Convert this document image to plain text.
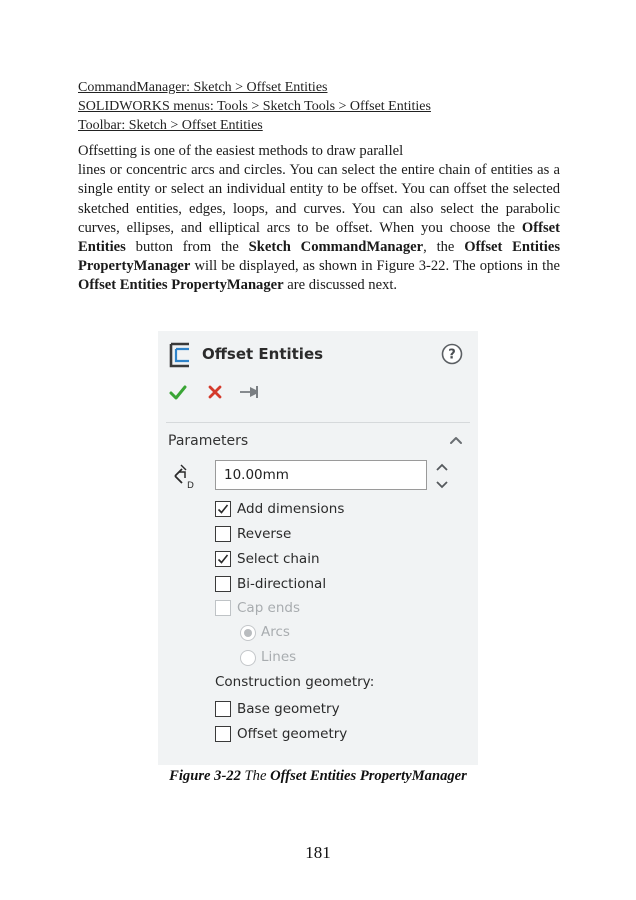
CommandManager: Sketch > Offset Entities
SOLIDWORKS menus: Tools > Sketch Tools > Offset Entities
Toolbar: Sketch > Offset Entities

Offsetting is one of the easiest methods to draw parallel

lines or concentric arcs and circles. You can select the entire chain of entities as a single entity or select an individual entity to be offset. You can offset the selected sketched entities, edges, loops, and curves. You can also select the parabolic curves, ellipses, and elliptical arcs to be offset. When you choose the Offset Entities button from the Sketch CommandManager, the Offset Entities PropertyManager will be displayed, as shown in Figure 3-22. The options in the Offset Entities PropertyManager are discussed next.

Offset Entities	?
Parameters
D
10.00mm
Add dimensions
Reverse
Select chain
Bi-directional
Cap ends
Arcs
Lines
Construction geometry:
Base geometry
Offset geometry
Figure 3-22 The Offset Entities PropertyManager
181
